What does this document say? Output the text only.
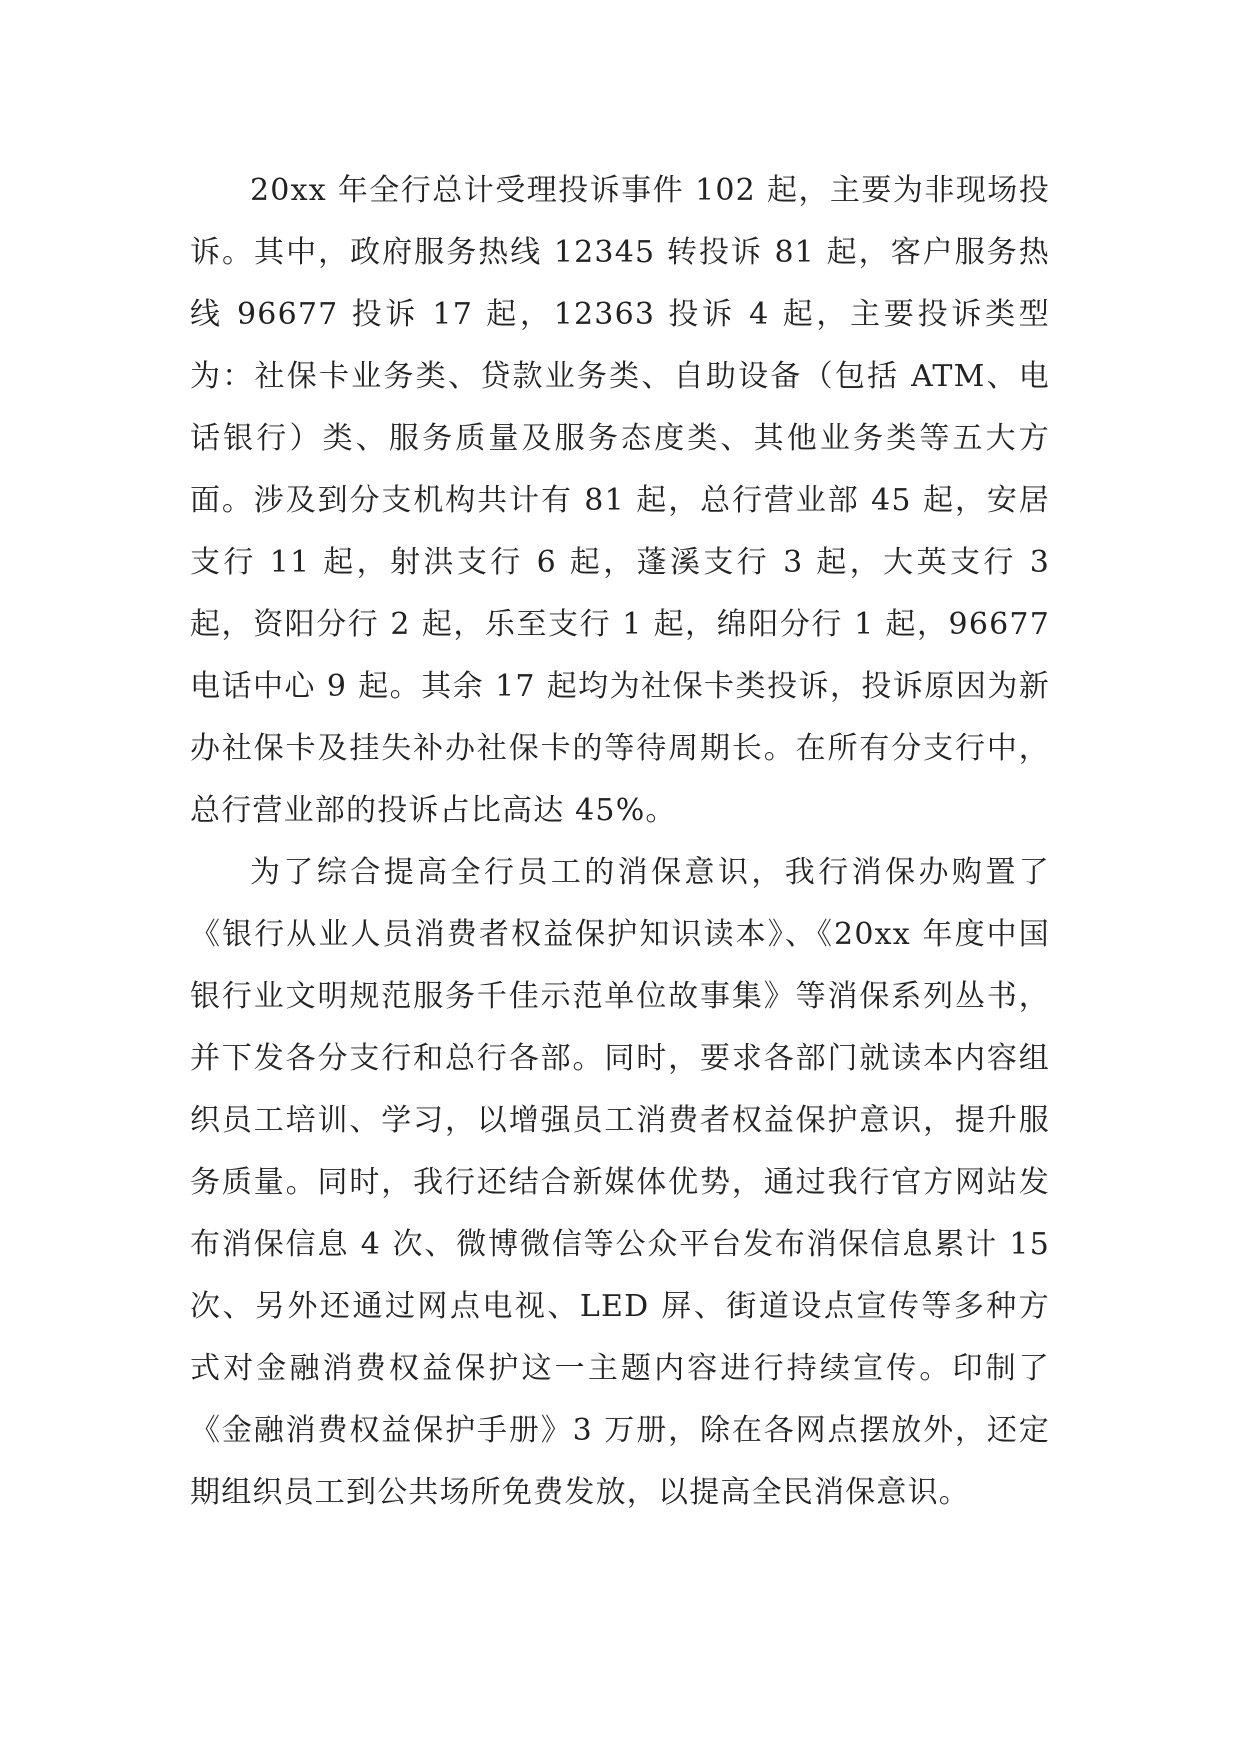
20xx 年全行总计受理投诉事件 102 起，主要为非现场投诉。其中，政府服务热线 12345 转投诉 81 起，客户服务热线 96677 投诉 17 起，12363 投诉 4 起，主要投诉类型为：社保卡业务类、贷款业务类、自助设备（包括 ATM、电话银行）类、服务质量及服务态度类、其他业务类等五大方面。涉及到分支机构共计有 81 起，总行营业部 45 起，安居支行 11 起，射洪支行 6 起，蓬溪支行 3 起，大英支行 3 起，资阳分行 2 起，乐至支行 1 起，绵阳分行 1 起，96677 电话中心 9 起。其余 17 起均为社保卡类投诉，投诉原因为新办社保卡及挂失补办社保卡的等待周期长。在所有分支行中，总行营业部的投诉占比高达 45%。

为了综合提高全行员工的消保意识，我行消保办购置了《银行从业人员消费者权益保护知识读本》、《20xx 年度中国银行业文明规范服务千佳示范单位故事集》等消保系列丛书，并下发各分支行和总行各部。同时，要求各部门就读本内容组织员工培训、学习，以增强员工消费者权益保护意识，提升服务质量。同时，我行还结合新媒体优势，通过我行官方网站发布消保信息 4 次、微博微信等公众平台发布消保信息累计 15 次、另外还通过网点电视、LED 屏、街道设点宣传等多种方式对金融消费权益保护这一主题内容进行持续宣传。印制了《金融消费权益保护手册》3 万册，除在各网点摆放外，还定期组织员工到公共场所免费发放，以提高全民消保意识。
